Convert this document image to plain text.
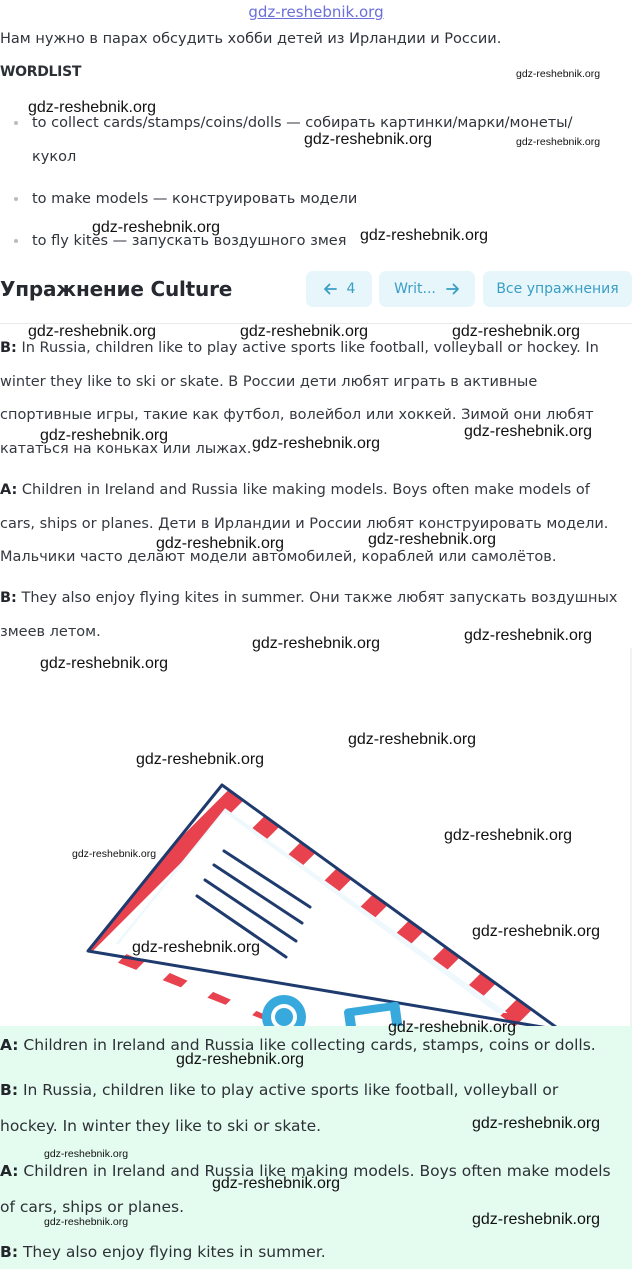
gdz-reshebnik.org
Нам нужно в парах обсудить хобби детей из Ирландии и России.
WORDLIST
to collect cards/stamps/coins/dolls — собирать картинки/марки/монеты/
кукол
to make models — конструировать модели
to fly kites — запускать воздушного змея
Упражнение Culture	4	Writ...	Все упражнения
B: In Russia, children like to play active sports like football, volleyball or hockey. In
winter they like to ski or skate. В России дети любят играть в активные
спортивные игры, такие как футбол, волейбол или хоккей. Зимой они любят
кататься на коньках или лыжах.
A: Children in Ireland and Russia like making models. Boys often make models of
cars, ships or planes. Дети в Ирландии и России любят конструировать модели.
Мальчики часто делают модели автомобилей, кораблей или самолётов.
B: They also enjoy flying kites in summer. Они также любят запускать воздушных
змеев летом.
A: Children in Ireland and Russia like collecting cards, stamps, coins or dolls.
B: In Russia, children like to play active sports like football, volleyball or
hockey. In winter they like to ski or skate.
A: Children in Ireland and Russia like making models. Boys often make models
of cars, ships or planes.
B: They also enjoy flying kites in summer.
gdz-reshebnik.org
gdz-reshebnik.org
gdz-reshebnik.org	gdz-reshebnik.org
gdz-reshebnik.org	gdz-reshebnik.org
gdz-reshebnik.org	gdz-reshebnik.org	gdz-reshebnik.org
gdz-reshebnik.org	gdz-reshebnik.org
gdz-reshebnik.org
gdz-reshebnik.org
gdz-reshebnik.org
gdz-reshebnik.org
gdz-reshebnik.org
gdz-reshebnik.org
gdz-reshebnik.org
gdz-reshebnik.org
gdz-reshebnik.org
gdz-reshebnik.org
gdz-reshebnik.org
gdz-reshebnik.org
gdz-reshebnik.org
gdz-reshebnik.org
gdz-reshebnik.org
gdz-reshebnik.org
gdz-reshebnik.org
gdz-reshebnik.org
gdz-reshebnik.org
